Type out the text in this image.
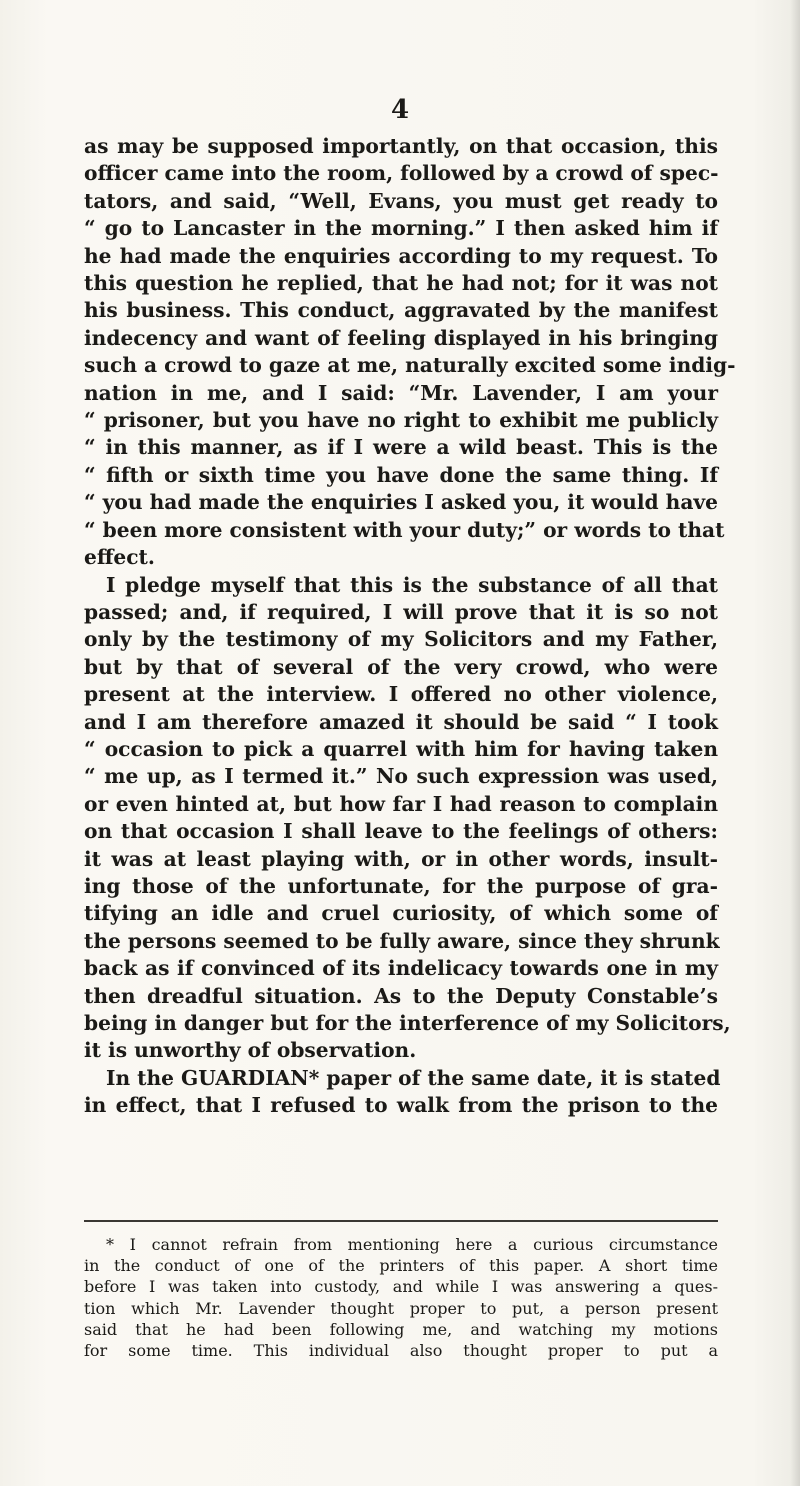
4
as may be supposed importantly, on that occasion, this
officer came into the room, followed by a crowd of spec-
tators, and said, “Well, Evans, you must get ready to
“ go to Lancaster in the morning.” I then asked him if
he had made the enquiries according to my request. To
this question he replied, that he had not; for it was not
his business. This conduct, aggravated by the manifest
indecency and want of feeling displayed in his bringing
such a crowd to gaze at me, naturally excited some indig-
nation in me, and I said: “Mr. Lavender, I am your
“ prisoner, but you have no right to exhibit me publicly
“ in this manner, as if I were a wild beast. This is the
“ fifth or sixth time you have done the same thing. If
“ you had made the enquiries I asked you, it would have
“ been more consistent with your duty;” or words to that
effect.
I pledge myself that this is the substance of all that
passed; and, if required, I will prove that it is so not
only by the testimony of my Solicitors and my Father,
but by that of several of the very crowd, who were
present at the interview. I offered no other violence,
and I am therefore amazed it should be said “ I took
“ occasion to pick a quarrel with him for having taken
“ me up, as I termed it.” No such expression was used,
or even hinted at, but how far I had reason to complain
on that occasion I shall leave to the feelings of others:
it was at least playing with, or in other words, insult-
ing those of the unfortunate, for the purpose of gra-
tifying an idle and cruel curiosity, of which some of
the persons seemed to be fully aware, since they shrunk
back as if convinced of its indelicacy towards one in my
then dreadful situation. As to the Deputy Constable’s
being in danger but for the interference of my Solicitors,
it is unworthy of observation.
In the GUARDIAN* paper of the same date, it is stated
in effect, that I refused to walk from the prison to the
* I cannot refrain from mentioning here a curious circumstance
in the conduct of one of the printers of this paper. A short time
before I was taken into custody, and while I was answering a ques-
tion which Mr. Lavender thought proper to put, a person present
said that he had been following me, and watching my motions
for some time. This individual also thought proper to put a
